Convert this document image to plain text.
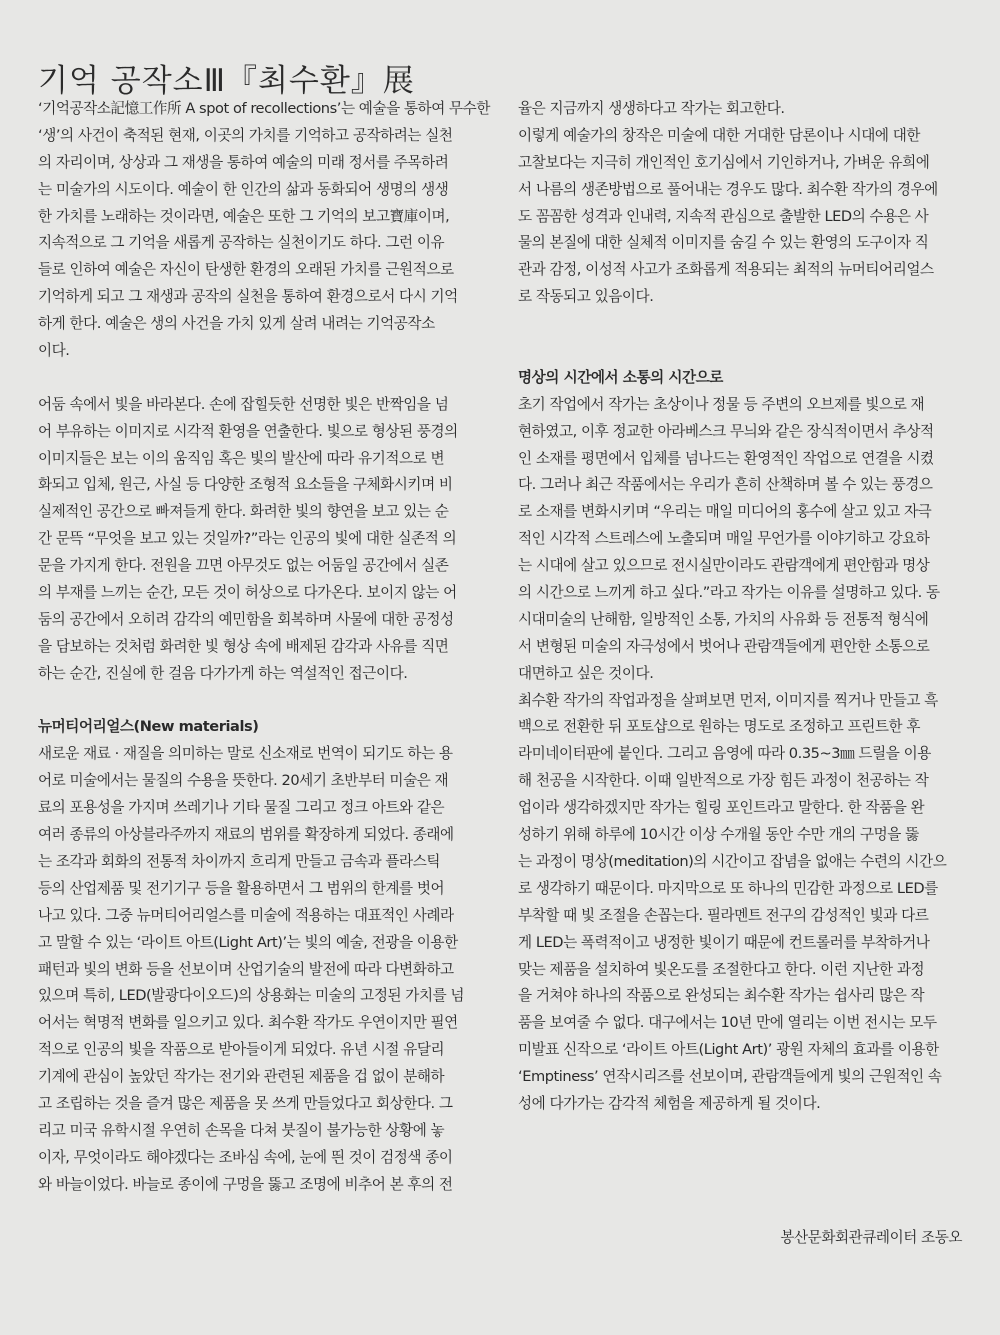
기억 공작소Ⅲ『최수환』展
‘기억공작소記憶工作所 A spot of recollections’는 예술을 통하여 무수한
‘생’의 사건이 축적된 현재, 이곳의 가치를 기억하고 공작하려는 실천
의 자리이며, 상상과 그 재생을 통하여 예술의 미래 정서를 주목하려
는 미술가의 시도이다. 예술이 한 인간의 삶과 동화되어 생명의 생생
한 가치를 노래하는 것이라면, 예술은 또한 그 기억의 보고寶庫이며,
지속적으로 그 기억을 새롭게 공작하는 실천이기도 하다. 그런 이유
들로 인하여 예술은 자신이 탄생한 환경의 오래된 가치를 근원적으로
기억하게 되고 그 재생과 공작의 실천을 통하여 환경으로서 다시 기억
하게 한다. 예술은 생의 사건을 가치 있게 살려 내려는 기억공작소
이다.
어둠 속에서 빛을 바라본다. 손에 잡힐듯한 선명한 빛은 반짝임을 넘
어 부유하는 이미지로 시각적 환영을 연출한다. 빛으로 형상된 풍경의
이미지들은 보는 이의 움직임 혹은 빛의 발산에 따라 유기적으로 변
화되고 입체, 원근, 사실 등 다양한 조형적 요소들을 구체화시키며 비
실제적인 공간으로 빠져들게 한다. 화려한 빛의 향연을 보고 있는 순
간 문뜩 “무엇을 보고 있는 것일까?”라는 인공의 빛에 대한 실존적 의
문을 가지게 한다. 전원을 끄면 아무것도 없는 어둠일 공간에서 실존
의 부재를 느끼는 순간, 모든 것이 허상으로 다가온다. 보이지 않는 어
둠의 공간에서 오히려 감각의 예민함을 회복하며 사물에 대한 공정성
을 담보하는 것처럼 화려한 빛 형상 속에 배제된 감각과 사유를 직면
하는 순간, 진실에 한 걸음 다가가게 하는 역설적인 접근이다.
뉴머티어리얼스(New materials)
새로운 재료 · 재질을 의미하는 말로 신소재로 번역이 되기도 하는 용
어로 미술에서는 물질의 수용을 뜻한다. 20세기 초반부터 미술은 재
료의 포용성을 가지며 쓰레기나 기타 물질 그리고 정크 아트와 같은
여러 종류의 아상블라주까지 재료의 범위를 확장하게 되었다. 종래에
는 조각과 회화의 전통적 차이까지 흐리게 만들고 금속과 플라스틱
등의 산업제품 및 전기기구 등을 활용하면서 그 범위의 한계를 벗어
나고 있다. 그중 뉴머티어리얼스를 미술에 적용하는 대표적인 사례라
고 말할 수 있는 ‘라이트 아트(Light Art)’는 빛의 예술, 전광을 이용한
패턴과 빛의 변화 등을 선보이며 산업기술의 발전에 따라 다변화하고
있으며 특히, LED(발광다이오드)의 상용화는 미술의 고정된 가치를 넘
어서는 혁명적 변화를 일으키고 있다. 최수환 작가도 우연이지만 필연
적으로 인공의 빛을 작품으로 받아들이게 되었다. 유년 시절 유달리
기계에 관심이 높았던 작가는 전기와 관련된 제품을 겁 없이 분해하
고 조립하는 것을 즐겨 많은 제품을 못 쓰게 만들었다고 회상한다. 그
리고 미국 유학시절 우연히 손목을 다쳐 붓질이 불가능한 상황에 놓
이자, 무엇이라도 해야겠다는 조바심 속에, 눈에 띈 것이 검정색 종이
와 바늘이었다. 바늘로 종이에 구멍을 뚫고 조명에 비추어 본 후의 전
율은 지금까지 생생하다고 작가는 회고한다.
이렇게 예술가의 창작은 미술에 대한 거대한 담론이나 시대에 대한
고찰보다는 지극히 개인적인 호기심에서 기인하거나, 가벼운 유희에
서 나름의 생존방법으로 풀어내는 경우도 많다. 최수환 작가의 경우에
도 꼼꼼한 성격과 인내력, 지속적 관심으로 출발한 LED의 수용은 사
물의 본질에 대한 실체적 이미지를 숨길 수 있는 환영의 도구이자 직
관과 감정, 이성적 사고가 조화롭게 적용되는 최적의 뉴머티어리얼스
로 작동되고 있음이다.
명상의 시간에서 소통의 시간으로
초기 작업에서 작가는 초상이나 정물 등 주변의 오브제를 빛으로 재
현하였고, 이후 정교한 아라베스크 무늬와 같은 장식적이면서 추상적
인 소재를 평면에서 입체를 넘나드는 환영적인 작업으로 연결을 시켰
다. 그러나 최근 작품에서는 우리가 흔히 산책하며 볼 수 있는 풍경으
로 소재를 변화시키며 “우리는 매일 미디어의 홍수에 살고 있고 자극
적인 시각적 스트레스에 노출되며 매일 무언가를 이야기하고 강요하
는 시대에 살고 있으므로 전시실만이라도 관람객에게 편안함과 명상
의 시간으로 느끼게 하고 싶다.”라고 작가는 이유를 설명하고 있다. 동
시대미술의 난해함, 일방적인 소통, 가치의 사유화 등 전통적 형식에
서 변형된 미술의 자극성에서 벗어나 관람객들에게 편안한 소통으로
대면하고 싶은 것이다.
최수환 작가의 작업과정을 살펴보면 먼저, 이미지를 찍거나 만들고 흑
백으로 전환한 뒤 포토샵으로 원하는 명도로 조정하고 프린트한 후
라미네이터판에 붙인다. 그리고 음영에 따라 0.35~3㎜ 드릴을 이용
해 천공을 시작한다. 이때 일반적으로 가장 힘든 과정이 천공하는 작
업이라 생각하겠지만 작가는 힐링 포인트라고 말한다. 한 작품을 완
성하기 위해 하루에 10시간 이상 수개월 동안 수만 개의 구멍을 뚫
는 과정이 명상(meditation)의 시간이고 잡념을 없애는 수련의 시간으
로 생각하기 때문이다. 마지막으로 또 하나의 민감한 과정으로 LED를
부착할 때 빛 조절을 손꼽는다. 필라멘트 전구의 감성적인 빛과 다르
게 LED는 폭력적이고 냉정한 빛이기 때문에 컨트롤러를 부착하거나
맞는 제품을 설치하여 빛온도를 조절한다고 한다. 이런 지난한 과정
을 거쳐야 하나의 작품으로 완성되는 최수환 작가는 쉽사리 많은 작
품을 보여줄 수 없다. 대구에서는 10년 만에 열리는 이번 전시는 모두
미발표 신작으로 ‘라이트 아트(Light Art)’ 광원 자체의 효과를 이용한
‘Emptiness’ 연작시리즈를 선보이며, 관람객들에게 빛의 근원적인 속
성에 다가가는 감각적 체험을 제공하게 될 것이다.
봉산문화회관큐레이터 조동오
